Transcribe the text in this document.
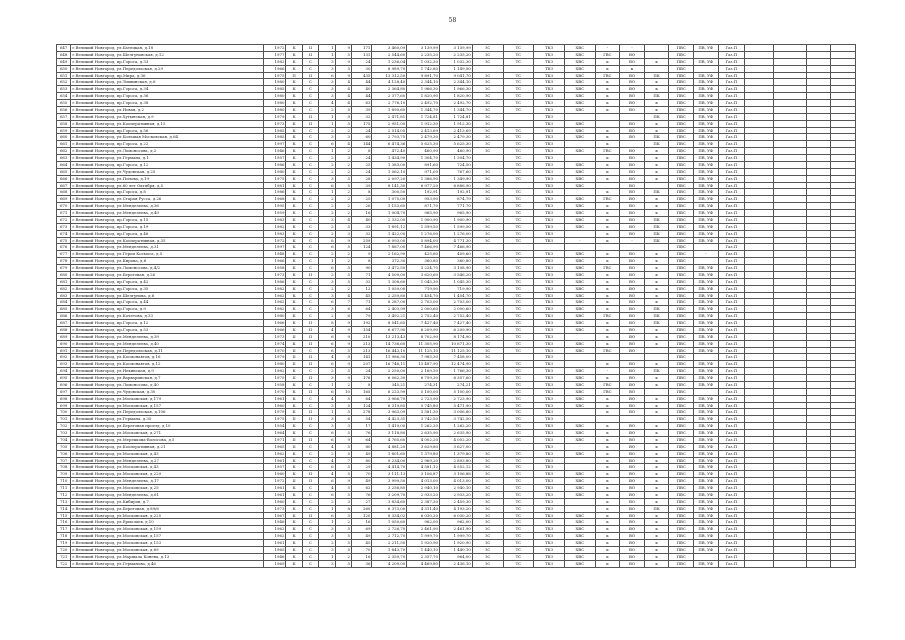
58
647	г.Великий Новгород, ул.Батецкая, д.18	1972	К	II	1	9	171	3 460,09	3 139,99	3 139,99	ЗС	ТС	ТКЗ	ХВС	-	-		ПВС	ПВ, УФ	Газ.П				
648	г.Великий Новгород, ул.Шелгуновская, д.12	1977	К	II	1	5	131	2 544,60	2 235,20	2 235,20	ЗС	ТС	ТКЗ	ХВС	ГВС	ВО		ПВС		Газ.П				
649	г.Великий Новгород, пр.Гороса, д.33	1982	К	С	3	9	24	1 236,04	1 032,30	1 032,30	ЗС	ТС	ТКЗ	ХВС	к	ВО	к	ПВС	ПВ, УФ	Газ.П				
650	г.Великий Новгород, ул.Передольская, д.29	1966	К	С	3	5	30	8 989,70	1 742,80	1 149,50			ТКЗ	ХВС	к	к		ПВС		Газ.П				
651	г.Великий Новгород, пр.Мира, д.36	1975	П	II	6	9	435	13 312,50	9 891,70	9 041,70	ЗС	ТС	ТКЗ	ХВС	ГВС	ВО	ПК	ПВС	ПВ, УФ	Газ.П				
652	г.Великий Новгород, ул.Тихвинская, д.6	1980	К	С	3	4	44	4 128,40	2 344,10	2 344,10	ЗС	ТС	ТКЗ	ХВС	к	ВО	к	ПВС	ПВ, УФ	Газ.П				
653	г.Великий Новгород, пр.Гороса, д.34	1985	К	С	3	4	40	2 364,80	1 966,30	1 966,30	ЗС	ТС	ТКЗ	ХВС	к	ВО	к	ПВС	ПВ, УФ	Газ.П				
654	г.Великий Новгород, пр.Гороса, д.36	1980	К	С	3	4	44	2 377,60	1 820,90	1 820,90	ЗС	ТС	ТКЗ	ХВС	к	ВО	ПК	ПВС	ПВ, УФ	Газ.П				
655	г.Великий Новгород, пр.Гороса, д.38	1980	К	С	4	4	63	2 776,10	2 492,70	2 492,70	ЗС	ТС	ТКЗ	ХВС	к	ВО	к	ПВС	ПВ, УФ	Газ.П				
656	г.Великий Новгород, ул.Новая, д.2	1980	К	С	2	5	39	1 890,60	1 344,70	1 344,70	ЗС	ТС	ТКЗ	ХВС	к	ВО	к	ПВС	ПВ, УФ	Газ.П				
657	г.Великий Новгород, ул.Хутынская, д.9	1979	К	II	1	9	32	2 471,81	1 724,81	1 724,81	ЗС		ТКЗ				ПК	ПВС	ПВ, УФ	Газ.П				
658	г.Великий Новгород, ул.Кооперативная, д.15	1973	К	II	1	5	175	2 951,00	1 912,30	1 912,30	ЗС		ТКЗ	ХВС		ВО	к	ПВС	ПВ, УФ	Газ.П				
659	г.Великий Новгород, пр.Гороса, д.56	1985	К	С	2	2	24	2 514,05	2 413,69	2 413,69	ЗС	ТС	ТКЗ	ХВС	к	ВО	к	ПВС	ПВ, УФ	Газ.П				
660	г.Великий Новгород, ул.Большая Московская, д.64	1985	К	С	3	3	60	2 793,75	2 479,30	2 479,30	ЗС	ТС	ТКЗ	ХВС	к	ВО	ПК	ПВС	ПВ, УФ	Газ.П				
661	г.Великий Новгород, пр.Гороса, д.22	1997	К	С	6	4	144	6 474,36	5 625,30	5 625,30	ЗС	ТС	ТКЗ		к		ПК	ПВС	ПВ, УФ	Газ.П				
662	г.Великий Новгород, ул.Ломоносова, д.2	1946	К	С	1	2	8	472,40	460,90	460,90	ЗС	ТС	ТКЗ	ХВС	ГВС	ВО	к	ПВС	ПВ, УФ	Газ.П				
663	г.Великий Новгород, ул.Германа, д.1	1957	К	С	2	3	24	1 434,90	1 304,70	1 304,70		ТС	ТКЗ		к	ВО	к	ПВС	ПВ, УФ	Газ.П				
664	г.Великий Новгород, пр.Гороса, д.12	1986	К	С	2	2	25	1 383,00	891,60	724,50		ТС	ТКЗ	ХВС	к	ВО	к	ПВС	ПВ, УФ	Газ.П				
665	г.Великий Новгород, ул.Чудовская, д.25	1980	К	С	2	2	24	1 062,10	971,00	767,60	ЗС	ТС	ТКЗ	ХВС	к	ВО	к	ПВС	ПВ, УФ	Газ.П				
666	г.Великий Новгород, ул.Попова, д.19	1975	К	С	3	5	28	2 097,20	1 386,90	1 349,90	ЗС	ТС	ТКЗ	ХВС	к	ВО	к	ПВС	ПВ, УФ	Газ.П				
667	г.Великий Новгород, ул.60 лет Октября, д.5	1981	К	С	6	5	39	8 141,30	6 977,20	6 886,90	ЗС		ТКЗ	ХВС		ВО		ПВС	ПВ, УФ	Газ.П				
668	г.Великий Новгород, пр.Гороса, д.8	1986	К	С	1	2	8	300,50	192,91	192,91	ЗС	ТС	ТКЗ		к	ВО	ПК	ПВС	ПВ, УФ	Газ.П				
669	г.Великий Новгород, ул.Старая Русса, д.26	1968	К	С	2	2	25	1 075,00	953,90	874,79	ЗС	ТС	ТКЗ	ХВС	ГВС	ВО	к	ПВС	ПВ, УФ	Газ.П				
670	г.Великий Новгород, ул.Менделеева, д.36	1995	К	С	2	2	26	1 153,60	871,70	771,70		ТС	ТКЗ	ХВС	к	ВО	к	ПВС	ПВ, УФ	Газ.П				
671	г.Великий Новгород, ул.Менделеева, д.49	1959	К	С	2	2	16	1 004,70	965,90	965,90		ТС	ТКЗ	ХВС	к	ВО	к	ПВС	ПВ, УФ	Газ.П				
672	г.Великий Новгород, пр.Гороса, д.15	1983	К	С	3	4	40	2 332,00	1 900,90	1 900,90	ЗС	ТС	ТКЗ	ХВС	к	ВО	ПК	ПВС	ПВ, УФ	Газ.П				
673	г.Великий Новгород, пр.Гороса, д.19	1982	К	С	2	5	33	1 891,12	1 599,50	1 599,50	ЗС	ТС	ТКЗ	ХВС	к	ВО	ПК	ПВС	ПВ, УФ	Газ.П				
674	г.Великий Новгород, пр.Гороса, д.46	1983	К	С	2	3	32	1 422,00	1 276,00	1 276,00	ЗС	ТС	ТКЗ		к	ВО	ПК	ПВС	ПВ, УФ	Газ.П				
675	г.Великий Новгород, ул.Кооперативная, д.35	1972	К	С	6	9	259	6 093,00	5 894,00	4 771,30	ЗС	ТС	ТКЗ	-	к	-	ПК	ПВС	ПВ, УФ	Газ.П				
676	г.Великий Новгород, ул.Менделеева, д.31	1997	К	С	6	5	124	7 887,00	7 466,90	7 466,90								ПВС		Газ.П				
677	г.Великий Новгород, ул.Герои Космоса, д.5	1948	К	С	2	2	9	2 162,90	425,60	409,60	ЗС	ТС	ТКЗ	ХВС	к	ВО	к	ПВС	-	Газ.П				
678	г.Великий Новгород, ул.Кирова, д.6	1966	К	С	1	2	8	372,30	360,80	360,80	ЗС	ТС	ТКЗ	ХВС	к	ВО	к	ПВС		Газ.П				
679	г.Великий Новгород, ул.Ломоносова, д.4/2	1958	К	С	6	5	90	3 472,50	3 224,70	3 108,90	ЗС	ТС	ТКЗ	ХВС	ГВС	ВО	к	ПВС	ПВ, УФ	Газ.П				
680	г.Великий Новгород, ул.Береговая, д.26	1973	К	II	2	5	71	4 509,00	3 620,60	3 546,20	ЗС	ТС	ТКЗ	ХВС	к	ВО	к	ПВС	ПВ, УФ	Газ.П				
681	г.Великий Новгород, пр.Гороса, д.42	1986	К	С	3	5	32	1 308,60	1 045,30	1 045,30	ЗС	ТС	ТКЗ	ХВС	к	ВО	к	ПВС	ПВ, УФ	Газ.П				
682	г.Великий Новгород, пр.Гороса, д.35	1982	К	С	2	2	12	1 059,00	719,90	719,90	ЗС	ТС	ТКЗ	ХВС	к	ВО	к	ПВС	ПВ, УФ	Газ.П				
683	г.Великий Новгород, ул.Шелгунова, д.6	1962	К	С	3	4	45	2 259,80	1 454,70	1 454,70	ЗС	ТС	ТКЗ	ХВС	к	ВО	к	ПВС	ПВ, УФ	Газ.П				
684	г.Великий Новгород, пр.Гороса, д.44	1962	К	С	6	7	71	8 287,00	2 703,00	2 703,00	ЗС	ТС	ТКЗ	ХВС	к	ВО	к	ПВС	ПВ, УФ	Газ.П				
685	г.Великий Новгород, пр.Гороса, д.9	1982	К	С	3	6	64	2 403,99	2 000,60	2 000,60	ЗС	ТС	ТКЗ	ХВС	к	ВО	ПК	ПВС	ПВ, УФ	Газ.П				
686	г.Великий Новгород, ул.Кочетова, д.33	1980	К	С	2	6	79	3 492,21	2 752,40	2 752,40	ЗС	ТС	ТКЗ	ХВС	ГВС	ВО	ПК	ПВС	ПВ, УФ	Газ.П				
687	г.Великий Новгород, пр.Гороса, д.12	1966	К	II	8	9	192	8 541,65	7 427,40	7 427,40	ЗС	ТС	ТКЗ	ХВС	к	ВО	ПК	ПВС	ПВ, УФ	Газ.П				
688	г.Великий Новгород, пр.Гороса, д.53	1966	К	II	4	9	154	6 677,90	6 209,90	6 209,90	ЗС	ТС	ТКЗ	ХВС	к	ВО	к	ПВС	ПВ, УФ	Газ.П				
689	г.Великий Новгород, ул.Менделеева, д.39	1973	II	II	6	9	210	13 213,43	8 702,90	8 174,90	ЗС	ТС	ТКЗ		к	ВО	к	ПВС	ПВ, УФ	Газ.П				
690	г.Великий Новгород, ул.Менделеева, д.40	1974	К	II	6	9	213	14 736,60	11 305,90	10 871,30	ЗС	ТС	ТКЗ	ХВС	к	ВО	к	ПВС	ПВ, УФ	Газ.П				
691	г.Великий Новгород, ул.Передольская, д.11	1970	II	С	6	5	213	16 443,10	11 125,10	11 125,10	ЗС	ТС	ТКЗ	ХВС	ГВС	ВО		ПВС	ПВ, УФ	Газ.П				
692	г.Великий Новгород, ул.Космонавтов, д.16	1979	II	II	4	9	141	11 986,30	7 985,30	7 458,00	ЗС		ТКЗ					ПВС		Газ.П				
693	г.Великий Новгород, ул.Космонавтов, д.12	1980	II	II	6	9	207	16 746,11	13 487,90	12 474,90	ЗС	ТС	ТКЗ		к	ВО	к	ПВС	ПВ, УФ	Газ.П				
694	г.Великий Новгород, ул.Нехинская, д.9	1982	К	С	2	5	24	2 250,00	2 169,30	1 766,30	ЗС	ТС	ТКЗ	ХВС	-	ВО	ПК	ПВС	ПВ, УФ	Газ.П				
695	г.Великий Новгород, ул.Варваринская, д.7	1975	II	II	3	9	176	6 062,30	6 759,30	6 357,60	ЗС	ТС	ТКЗ	ХВС	к	ВО	к	ПВС	ПВ, УФ	Газ.П				
696	г.Великий Новгород, ул.Ломоносова, д.40	1958	К	С	1	2	8	345,21	274,31	274,21	ЗС	ТС	ТКЗ	ХВС	ГВС	ВО	к	ПВС	ПВ, УФ	Газ.П				
697	г.Великий Новгород, ул.Чудовская, д.30	1970	К	II	6	10	165	6 223,99	5 100,00	5 100,00	ЗС	ТС	ТКЗ	ХВС	ГВС	ВО		ПВС		Газ.П				
698	г.Великий Новгород, ул.Московская, д.179	1961	К	С	4	5	64	3 966,70	2 723,90	2 723,90	ЗС	ТС	ТКЗ	ХВС	к	ВО	к	ПВС	ПВ, УФ	Газ.П				
699	г.Великий Новгород, ул.Московская, д.157	1960	К	С	3	5	124	6 319,85	5 745,80	5 471,90	ЗС	ТС	ТКЗ	ХВС	к	ВО	к	ПВС	ПВ, УФ	Газ.П				
700	г.Великий Новгород, ул.Передольская, д.106	1979	К	II	1	5	278	3 963,09	3 581,30	3 006,80	ЗС	ТС	ТКЗ		к	ВО	к	ПВС	ПВ, УФ	Газ.П				
701	г.Великий Новгород, ул.Германа, д.35	1975	II	II	3	6	54	4 423,31	3 742,50	3 742,50	ЗС	ТС	ТКЗ					ПВС	ПВ, УФ	Газ.П				
702	г.Великий Новгород, ул.Береговая проезд, д.10	1954	К	С	3	3	17	1 419,00	1 262,20	1 262,20	ЗС	ТС	ТКЗ	ХВС	к	ВО	к	ПВС	ПВ, УФ	Газ.П				
703	г.Великий Новгород, ул.Московская, д.271	1964	К	С	6	5	76	3 118,80	2 635,90	2 635,90	ЗС	ТС	ТКЗ	ХВС	к	ВО	к	ПВС	ПВ, УФ	Газ.П				
704	г.Великий Новгород, ул.Мерецкова-Волосова, д.5	1971	II	II	6	9	64	4 765,60	4 002,20	4 002,20	ЗС	ТС	ТКЗ	ХВС	к	ВО	к	ПВС	ПВ, УФ	Газ.П				
705	г.Великий Новгород, ул.Кооперативная, д.21	1965	II	С	4	5	80	4 881,20	3 629,80	3 627,00			ТКЗ	-	к	ВО	к	ПВС	ПВ, УФ	Газ.П				
706	г.Великий Новгород, ул.Московская, д.43	1962	К	С	2	5	49	1 801,60	1 379,80	1 379,80	ЗС	ТС	ТКЗ	ХВС	к	ВО	к	ПВС	ПВ, УФ	Газ.П				
707	г.Великий Новгород, ул.Менделеева, д.27	1961	К	С	4	7	80	9 234,00	2 969,20	2 893,80	ЗС	ТС	ТКЗ		к	ВО	к	ПВС	ПВ, УФ	Газ.П				
708	г.Великий Новгород, ул.Московская, д.43	1957	К	С	6	5	29	4 414,70	4 581,12	4 552,12	ЗС	ТС	ТКЗ		к	ВО	к	ПВС	ПВ, УФ	Газ.П				
709	г.Великий Новгород, ул.Московская, д.229	1960	К	II	4	5	70	3 111,13	3 106,87	3 106,88	ЗС	ТС	ТКЗ	ХВС	к	ВО	к	ПВС	ПВ, УФ	Газ.П				
710	г.Великий Новгород, ул.Менделеева, д.17	1972	II	II	6	9	49	3 999,50	4 013,00	4 013,00	ЗС	ТС	ТКЗ	ХВС	к	ВО	к	ПВС	ПВ, УФ	Газ.П				
711	г.Великий Новгород, ул.Московская, д.25	1961	К	С	4	5	62	3 256,80	2 940,10	2 940,10	ЗС	ТС	ТКЗ	ХВС	к	ВО	к	ПВС	ПВ, УФ	Газ.П				
712	г.Великий Новгород, ул.Менделеева, д.61	1961	К	С	6	5	76	3 209,70	2 933,20	2 933,20	ЗС	ТС	ТКЗ	ХВС	к	ВО	к	ПВС	ПВ, УФ	Газ.П				
713	г.Великий Новгород, ул.Кибиров, д.7	1960	К	С	2	3	27	3 834,60	2 387,30	2 459,30	ЗС	ТС	ТКЗ		к	ВО	к	ПВС	ПВ, УФ	Газ.П				
714	г.Великий Новгород, ул.Береговая, д.89/6	1973	К	С	1	8	260	6 373,00	4 311,40	4 193,20	ЗС	ТС	ТКЗ		к	ВО	ПК	ПВС	ПВ, УФ	Газ.П				
715	г.Великий Новгород, ул.Московская, д.225	1967	К	II	6	5	120	8 334,02	6 030,20	6 030,20	ЗС	ТС	ТКЗ	ХВС	к	ВО	к	ПВС	ПВ, УФ	Газ.П				
716	г.Великий Новгород, ул.Ермолаев, д.10	1946	К	С	1	2	16	1 050,60	962,00	962,00	ЗС	ТС	ТКЗ	ХВС	к	ВО	к	ПВС	ПВ, УФ	Газ.П				
717	г.Великий Новгород, ул.Московская, д.159	1962	К	С	3	5	69	2 726,70	2 461,90	2 461,90	ЗС	ТС	ТКЗ	ХВС	к	ВО	к	ПВС	ПВ, УФ	Газ.П				
718	г.Великий Новгород, ул.Московская, д.157	1962	К	С	3	5	49	2 712,70	1 999,70	1 999,70	ЗС	ТС	ТКЗ	ХВС	к	ВО	к	ПВС	ПВ, УФ	Газ.П				
719	г.Великий Новгород, ул.Московская, д.153	1961	К	С	2	5	45	2 211,50	1 920,90	1 920,90	ЗС	ТС	ТКЗ	ХВС	к	ВО	к	ПВС	ПВ, УФ	Газ.П				
720	г.Великий Новгород, ул.Московская, д.69	1965	К	С	3	5	70	1 843,70	1 440,10	1 440,10	ЗС	ТС	ТКЗ	ХВС	к	ВО	к	ПВС	ПВ, УФ	Газ.П				
721	г.Великий Новгород, ул.Маршала Конева, д.13	1946	К	С	1	2	16	2 359,70	2 357,70	964,00	ЗС	ТС	ТКЗ	ХВС	к	ВО	к	ПВС		Газ.П				
722	г.Великий Новгород, ул.Германова, д.46	1969	К	С	3	5	36	4 209,00	4 469,80	2 436,10	ЗС	ТС	ТКЗ	ХВС	к	ВО	к	ПВС	ПВ, УФ	Газ.П				
